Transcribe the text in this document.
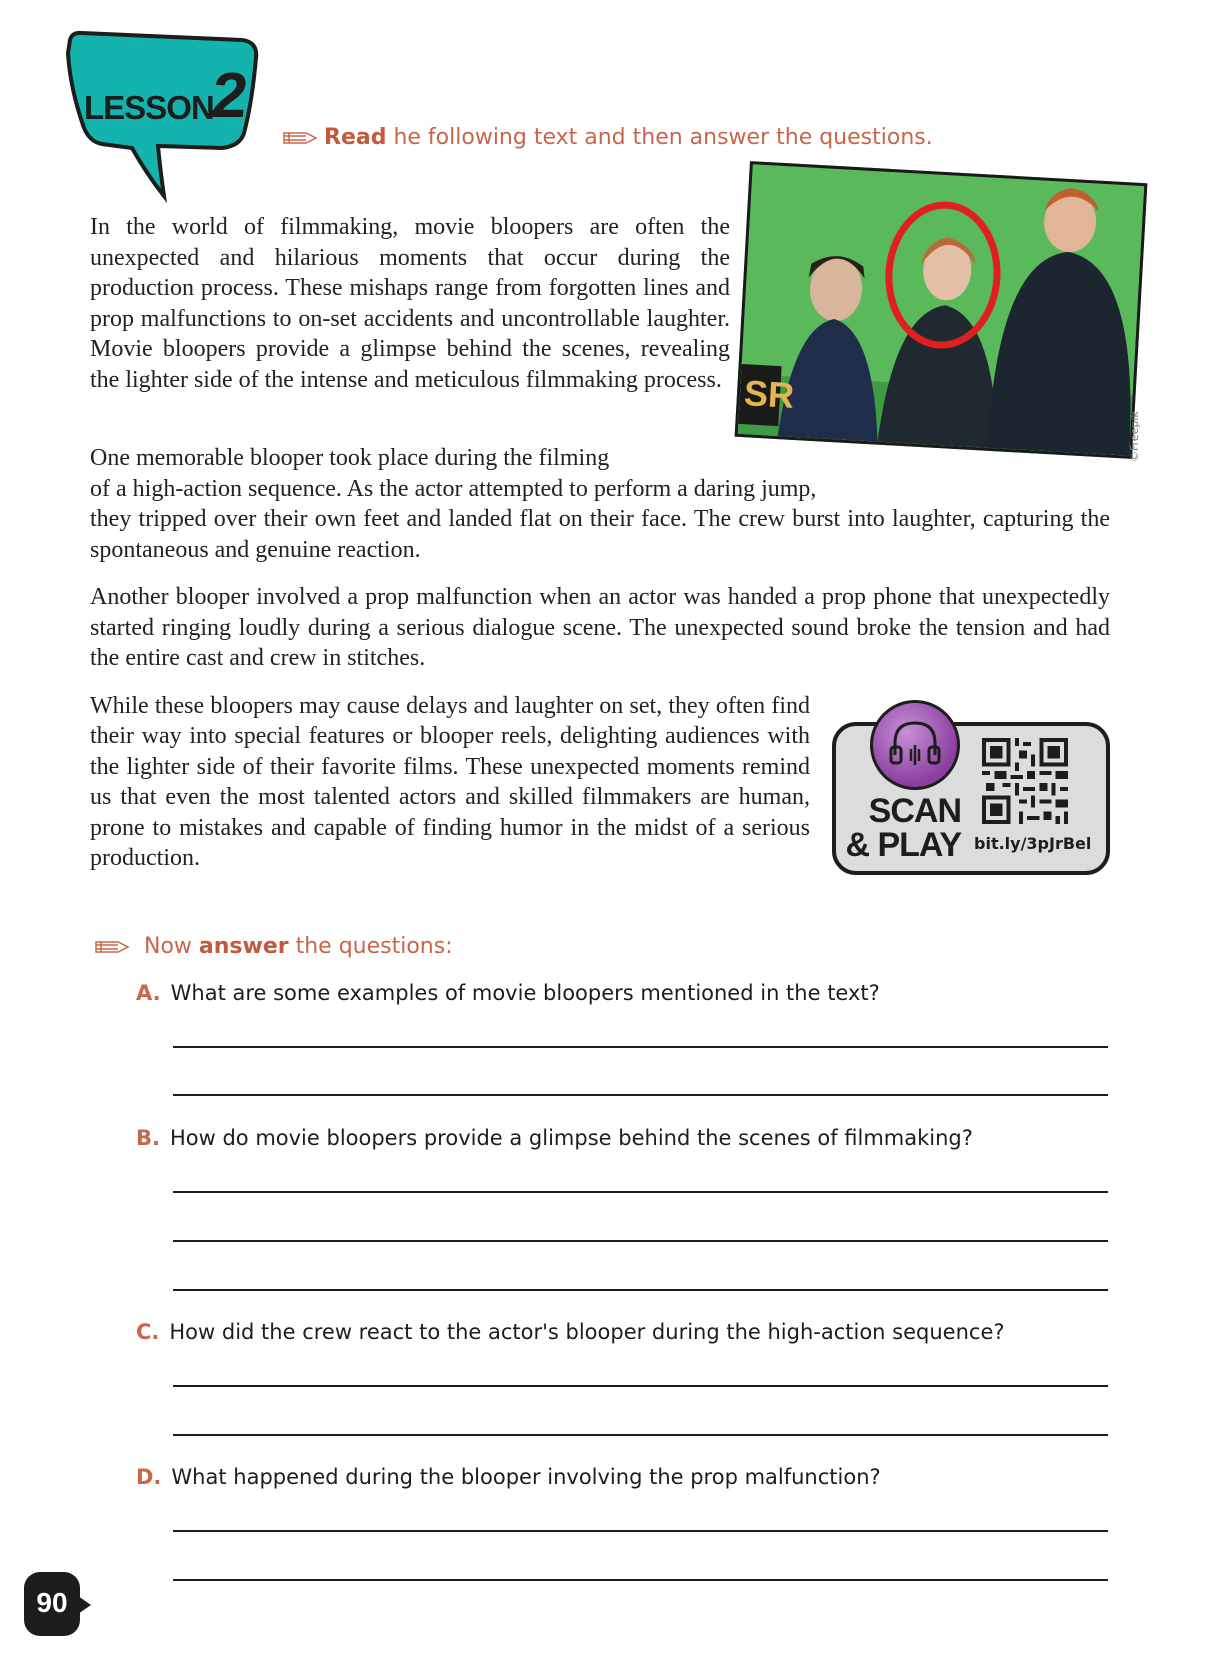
LESSON
2
Read he following text and then answer the questions.
SR
©Freepik
In the world of filmmaking, movie bloopers are often the unexpected and hilarious moments that occur during the production process. These mishaps range from forgotten lines and prop malfunctions to on-set accidents and uncontrollable laughter. Movie bloopers provide a glimpse behind the scenes, revealing the lighter side of the intense and meticulous filmmaking process.
One memorable blooper took place during the filming
of a high-action sequence. As the actor attempted to perform a daring jump,
they tripped over their own feet and landed flat on their face. The crew burst into laughter, capturing the spontaneous and genuine reaction.
Another blooper involved a prop malfunction when an actor was handed a prop phone that unexpectedly started ringing loudly during a serious dialogue scene. The unexpected sound broke the tension and had the entire cast and crew in stitches.
While these bloopers may cause delays and laughter on set, they often find their way into special features or blooper reels, delighting audiences with the lighter side of their favorite films. These unexpected moments remind us that even the most talented actors and skilled filmmakers are human, prone to mistakes and capable of finding humor in the midst of a serious production.
SCAN
& PLAY bit.ly/3pJrBel
Now answer the questions:
A. What are some examples of movie bloopers mentioned in the text?
B. How do movie bloopers provide a glimpse behind the scenes of filmmaking?
C. How did the crew react to the actor's blooper during the high-action sequence?
D. What happened during the blooper involving the prop malfunction?
90
